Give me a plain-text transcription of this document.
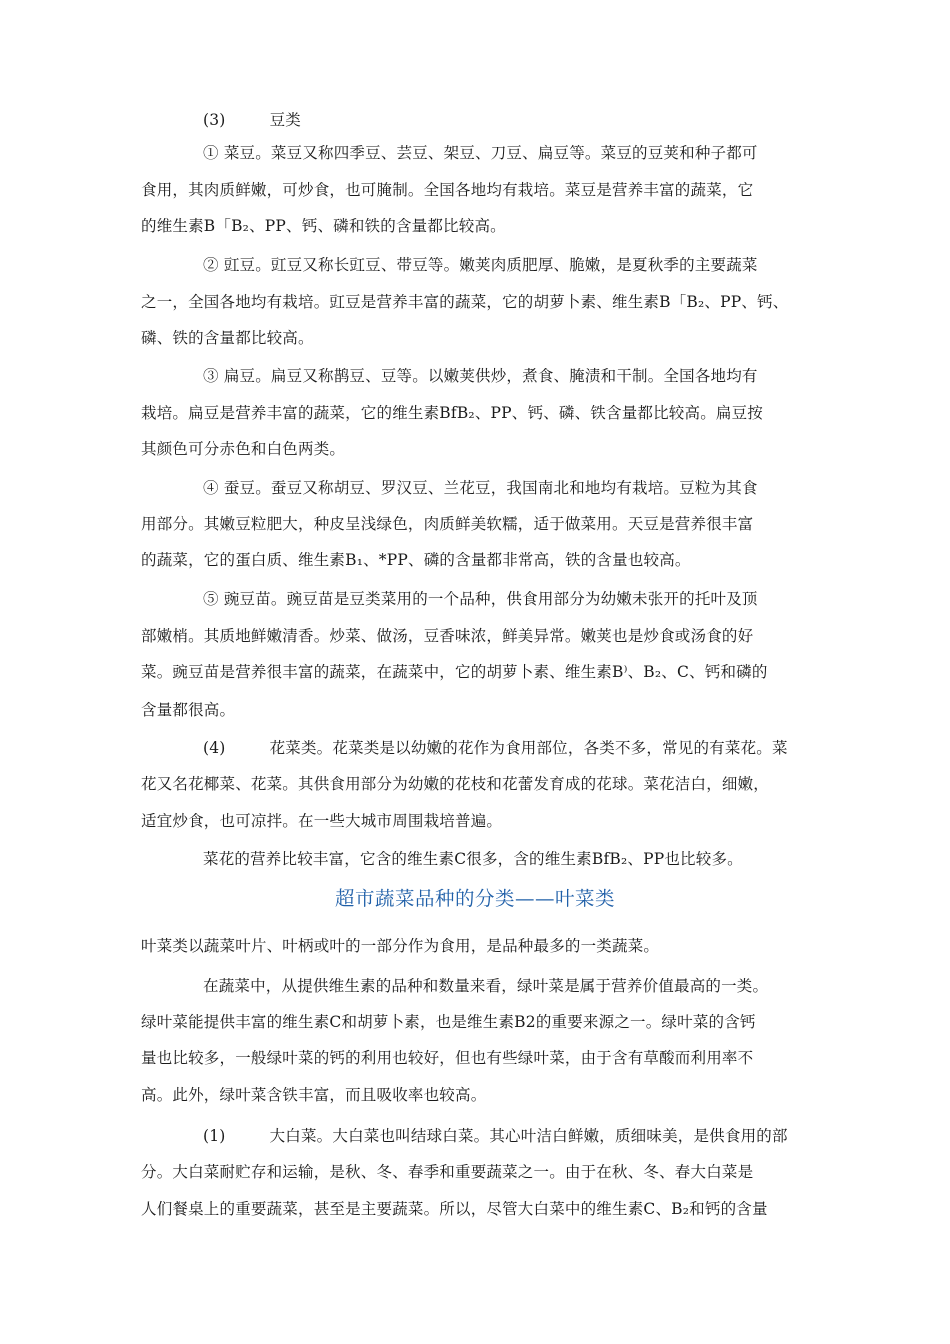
(3)	豆类
① 菜豆。菜豆又称四季豆、芸豆、架豆、刀豆、扁豆等。菜豆的豆荚和种子都可
食用，其肉质鲜嫩，可炒食，也可腌制。全国各地均有栽培。菜豆是营养丰富的蔬菜，它
的维生素B「B₂、PP、钙、磷和铁的含量都比较高。
② 豇豆。豇豆又称长豇豆、带豆等。嫩荚肉质肥厚、脆嫩，是夏秋季的主要蔬菜
之一，全国各地均有栽培。豇豆是营养丰富的蔬菜，它的胡萝卜素、维生素B「B₂、PP、钙、
磷、铁的含量都比较高。
③ 扁豆。扁豆又称鹊豆、豆等。以嫩荚供炒，煮食、腌渍和干制。全国各地均有
栽培。扁豆是营养丰富的蔬菜，它的维生素BfB₂、PP、钙、磷、铁含量都比较高。扁豆按
其颜色可分赤色和白色两类。
④ 蚕豆。蚕豆又称胡豆、罗汉豆、兰花豆，我国南北和地均有栽培。豆粒为其食
用部分。其嫩豆粒肥大，种皮呈浅绿色，肉质鲜美软糯，适于做菜用。天豆是营养很丰富
的蔬菜，它的蛋白质、维生素B₁、*PP、磷的含量都非常高，铁的含量也较高。
⑤ 豌豆苗。豌豆苗是豆类菜用的一个品种，供食用部分为幼嫩未张开的托叶及顶
部嫩梢。其质地鲜嫩清香。炒菜、做汤，豆香味浓，鲜美异常。嫩荚也是炒食或汤食的好
菜。豌豆苗是营养很丰富的蔬菜，在蔬菜中，它的胡萝卜素、维生素B⁾、B₂、C、钙和磷的
含量都很高。
(4)	花菜类。花菜类是以幼嫩的花作为食用部位，各类不多，常见的有菜花。菜
花又名花椰菜、花菜。其供食用部分为幼嫩的花枝和花蕾发育成的花球。菜花洁白，细嫩，
适宜炒食，也可凉拌。在一些大城市周围栽培普遍。
菜花的营养比较丰富，它含的维生素C很多，含的维生素BfB₂、PP也比较多。
超市蔬菜品种的分类——叶菜类
叶菜类以蔬菜叶片、叶柄或叶的一部分作为食用，是品种最多的一类蔬菜。
在蔬菜中，从提供维生素的品种和数量来看，绿叶菜是属于营养价值最高的一类。
绿叶菜能提供丰富的维生素C和胡萝卜素，也是维生素B2的重要来源之一。绿叶菜的含钙
量也比较多，一般绿叶菜的钙的利用也较好，但也有些绿叶菜，由于含有草酸而利用率不
高。此外，绿叶菜含铁丰富，而且吸收率也较高。
(1)	大白菜。大白菜也叫结球白菜。其心叶洁白鲜嫩，质细味美，是供食用的部
分。大白菜耐贮存和运输，是秋、冬、春季和重要蔬菜之一。由于在秋、冬、春大白菜是
人们餐桌上的重要蔬菜，甚至是主要蔬菜。所以，尽管大白菜中的维生素C、B₂和钙的含量
